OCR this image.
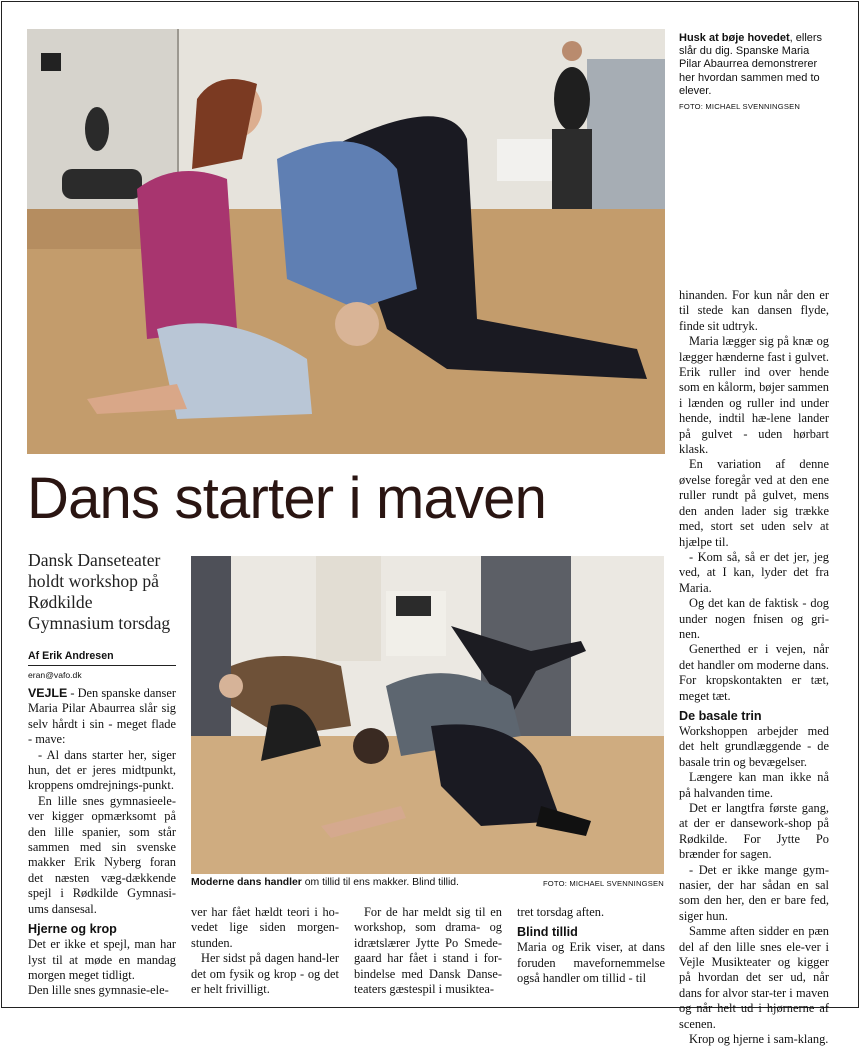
Husk at bøje hovedet, ellers slår du dig. Spanske Maria Pilar Abaurrea demonstrerer her hvordan sammen med to elever.
FOTO: MICHAEL SVENNINGSEN
Dans starter i maven
Dansk Danseteater holdt workshop på Rødkilde Gymnasium torsdag
Af Erik Andresen
eran@vafo.dk
Moderne dans handler om tillid til ens makker. Blind tillid.	FOTO: MICHAEL SVENNINGSEN

VEJLE - Den spanske danser Maria Pilar Abaurrea slår sig selv hårdt i sin - meget flade - mave:

- Al dans starter her, siger hun, det er jeres midtpunkt, kroppens omdrejnings-punkt.

En lille snes gymnasieele-ver kigger opmærksomt på den lille spanier, som står sammen med sin svenske makker Erik Nyberg foran det næsten væg-dækkende spejl i Rødkilde Gymnasi-ums dansesal.

Hjerne og krop

Det er ikke et spejl, man har lyst til at møde en mandag morgen meget tidligt.

Den lille snes gymnasie-ele-

ver har fået hældt teori i ho-vedet lige siden morgen-stunden.

Her sidst på dagen hand-ler det om fysik og krop - og det er helt frivilligt.

For de har meldt sig til en workshop, som drama- og idrætslærer Jytte Po Smede-gaard har fået i stand i for-bindelse med Dansk Danse-teaters gæstespil i musiktea-

tret torsdag aften.

Blind tillid

Maria og Erik viser, at dans foruden mavefornemmelse også handler om tillid - til

hinanden. For kun når den er til stede kan dansen flyde, finde sit udtryk.

Maria lægger sig på knæ og lægger hænderne fast i gulvet. Erik ruller ind over hende som en kålorm, bøjer sammen i lænden og ruller ind under hende, indtil hæ-lene lander på gulvet - uden hørbart klask.

En variation af denne øvelse foregår ved at den ene ruller rundt på gulvet, mens den anden lader sig trække med, stort set uden selv at hjælpe til.

- Kom så, så er det jer, jeg ved, at I kan, lyder det fra Maria.

Og det kan de faktisk - dog under nogen fnisen og gri-nen.

Generthed er i vejen, når det handler om moderne dans. For kropskontakten er tæt, meget tæt.

De basale trin

Workshoppen arbejder med det helt grundlæggende - de basale trin og bevægelser.

Længere kan man ikke nå på halvanden time.

Det er langtfra første gang, at der er dansework-shop på Rødkilde. For Jytte Po brænder for sagen.

- Det er ikke mange gym-nasier, der har sådan en sal som den her, den er bare fed, siger hun.

Samme aften sidder en pæn del af den lille snes ele-ver i Vejle Musikteater og kigger på hvordan det ser ud, når dans for alvor star-ter i maven og når helt ud i hjørnerne af scenen.

Krop og hjerne i sam-klang.
